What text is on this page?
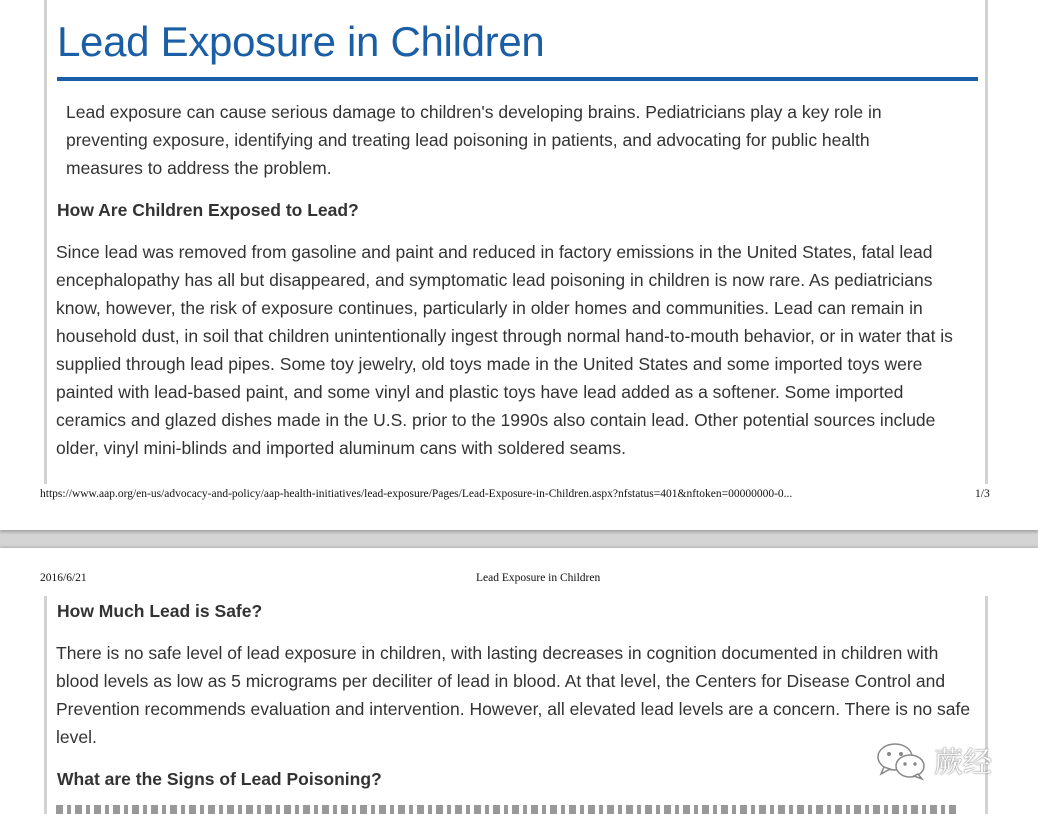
Lead Exposure in Children

Lead exposure can cause serious damage to children's developing brains. Pediatricians play a key role in preventing exposure, identifying and treating lead poisoning in patients, and advocating for public health measures to address the problem.

How Are Children Exposed to Lead?

Since lead was removed from gasoline and paint and reduced in factory emissions in the United States, fatal lead encephalopathy has all but disappeared, and symptomatic lead poisoning in children is now rare. As pediatricians know, however, the risk of exposure continues, particularly in older homes and communities. Lead can remain in household dust, in soil that children unintentionally ingest through normal hand-to-mouth behavior, or in water that is supplied through lead pipes. Some toy jewelry, old toys made in the United States and some imported toys were painted with lead-based paint, and some vinyl and plastic toys have lead added as a softener. Some imported ceramics and glazed dishes made in the U.S. prior to the 1990s also contain lead. Other potential sources include older, vinyl mini-blinds and imported aluminum cans with soldered seams.

https://www.aap.org/en-us/advocacy-and-policy/aap-health-initiatives/lead-exposure/Pages/Lead-Exposure-in-Children.aspx?nfstatus=401&nftoken=00000000-0...	1/3
2016/6/21	Lead Exposure in Children
How Much Lead is Safe?

There is no safe level of lead exposure in children, with lasting decreases in cognition documented in children with blood levels as low as 5 micrograms per deciliter of lead in blood. At that level, the Centers for Disease Control and Prevention recommends evaluation and intervention. However, all elevated lead levels are a concern. There is no safe level.

What are the Signs of Lead Poisoning?	蕨经
